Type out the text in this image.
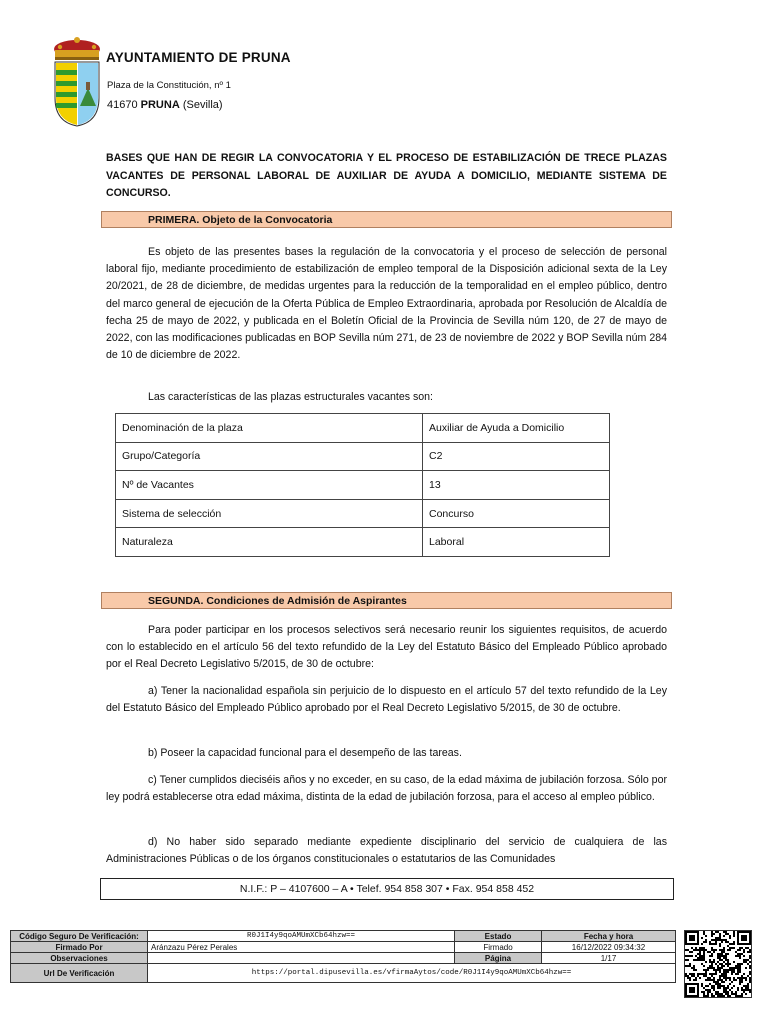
AYUNTAMIENTO DE PRUNA
Plaza de la Constitución, nº 1
41670 PRUNA (Sevilla)
BASES QUE HAN DE REGIR LA CONVOCATORIA Y EL PROCESO DE ESTABILIZACIÓN DE TRECE PLAZAS VACANTES DE PERSONAL LABORAL DE AUXILIAR DE AYUDA A DOMICILIO, MEDIANTE SISTEMA DE CONCURSO.
PRIMERA. Objeto de la Convocatoria
Es objeto de las presentes bases la regulación de la convocatoria y el proceso de selección de personal laboral fijo, mediante procedimiento de estabilización de empleo temporal de la Disposición adicional sexta de la Ley 20/2021, de 28 de diciembre, de medidas urgentes para la reducción de la temporalidad en el empleo público, dentro del marco general de ejecución de la Oferta Pública de Empleo Extraordinaria, aprobada por Resolución de Alcaldía de fecha 25 de mayo de 2022, y publicada en el Boletín Oficial de la Provincia de Sevilla núm 120, de 27 de mayo de 2022, con las modificaciones publicadas en BOP Sevilla núm 271, de 23 de noviembre de 2022 y BOP Sevilla núm 284 de 10 de diciembre de 2022.
Las características de las plazas estructurales vacantes son:
Denominación de la plaza	Auxiliar de Ayuda a Domicilio
Grupo/Categoría	C2
Nº de Vacantes	13
Sistema de selección	Concurso
Naturaleza	Laboral
SEGUNDA. Condiciones de Admisión de Aspirantes
Para poder participar en los procesos selectivos será necesario reunir los siguientes requisitos, de acuerdo con lo establecido en el artículo 56 del texto refundido de la Ley del Estatuto Básico del Empleado Público aprobado por el Real Decreto Legislativo 5/2015, de 30 de octubre:
a) Tener la nacionalidad española sin perjuicio de lo dispuesto en el artículo 57 del texto refundido de la Ley del Estatuto Básico del Empleado Público aprobado por el Real Decreto Legislativo 5/2015, de 30 de octubre.
b) Poseer la capacidad funcional para el desempeño de las tareas.
c) Tener cumplidos dieciséis años y no exceder, en su caso, de la edad máxima de jubilación forzosa. Sólo por ley podrá establecerse otra edad máxima, distinta de la edad de jubilación forzosa, para el acceso al empleo público.
d) No haber sido separado mediante expediente disciplinario del servicio de cualquiera de las Administraciones Públicas o de los órganos constitucionales o estatutarios de las Comunidades
N.I.F.: P – 4107600 – A • Telef. 954 858 307 • Fax. 954 858 452
Código Seguro De Verificación:	R0J1I4y9qoAMUmXCb64hzw==	Estado	Fecha y hora
Firmado Por	Aránzazu Pérez Perales	Firmado	16/12/2022 09:34:32
Observaciones		Página	1/17
Url De Verificación	https://portal.dipusevilla.es/vfirmaAytos/code/R0J1I4y9qoAMUmXCb64hzw==		
